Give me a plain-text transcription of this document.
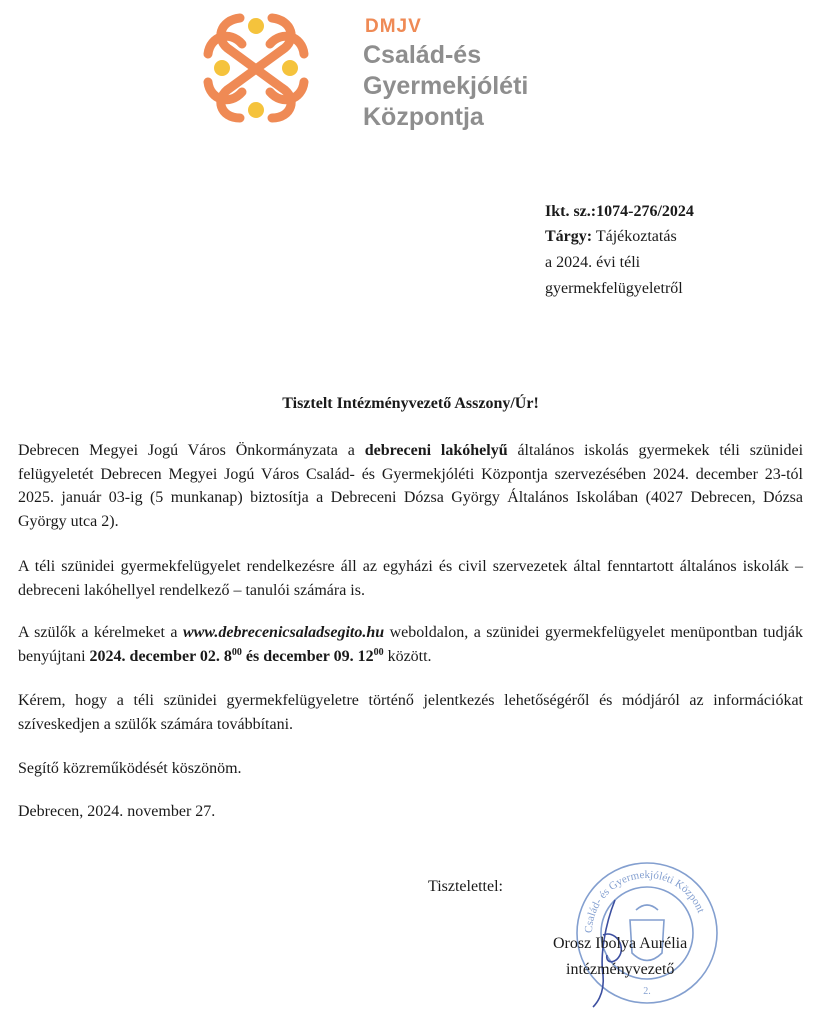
DMJV
Család-és
Gyermekjóléti
Központja
Ikt. sz.:1074-276/2024
Tárgy: Tájékoztatás
a 2024. évi téli
gyermekfelügyeletről
Tisztelt Intézményvezető Asszony/Úr!
Debrecen Megyei Jogú Város Önkormányzata a debreceni lakóhelyű általános iskolás gyermekek téli szünidei felügyeletét Debrecen Megyei Jogú Város Család- és Gyermekjóléti Központja szervezésében 2024. december 23-tól 2025. január 03-ig (5 munkanap) biztosítja a Debreceni Dózsa György Általános Iskolában (4027 Debrecen, Dózsa György utca 2).
A téli szünidei gyermekfelügyelet rendelkezésre áll az egyházi és civil szervezetek által fenntartott általános iskolák – debreceni lakóhellyel rendelkező – tanulói számára is.
A szülők a kérelmeket a www.debrecenicsaladsegito.hu weboldalon, a szünidei gyermekfelügyelet menüpontban tudják benyújtani 2024. december 02. $8^{00}$ és december 09. $12^{00}$ között.
Kérem, hogy a téli szünidei gyermekfelügyeletre történő jelentkezés lehetőségéről és módjáról az információkat szíveskedjen a szülők számára továbbítani.
Segítő közreműködését köszönöm.
Debrecen, 2024. november 27.
Tisztelettel:
Család- és Gyermekjóléti Központ
2.
Orosz Ibolya Aurélia
intézményvezető
